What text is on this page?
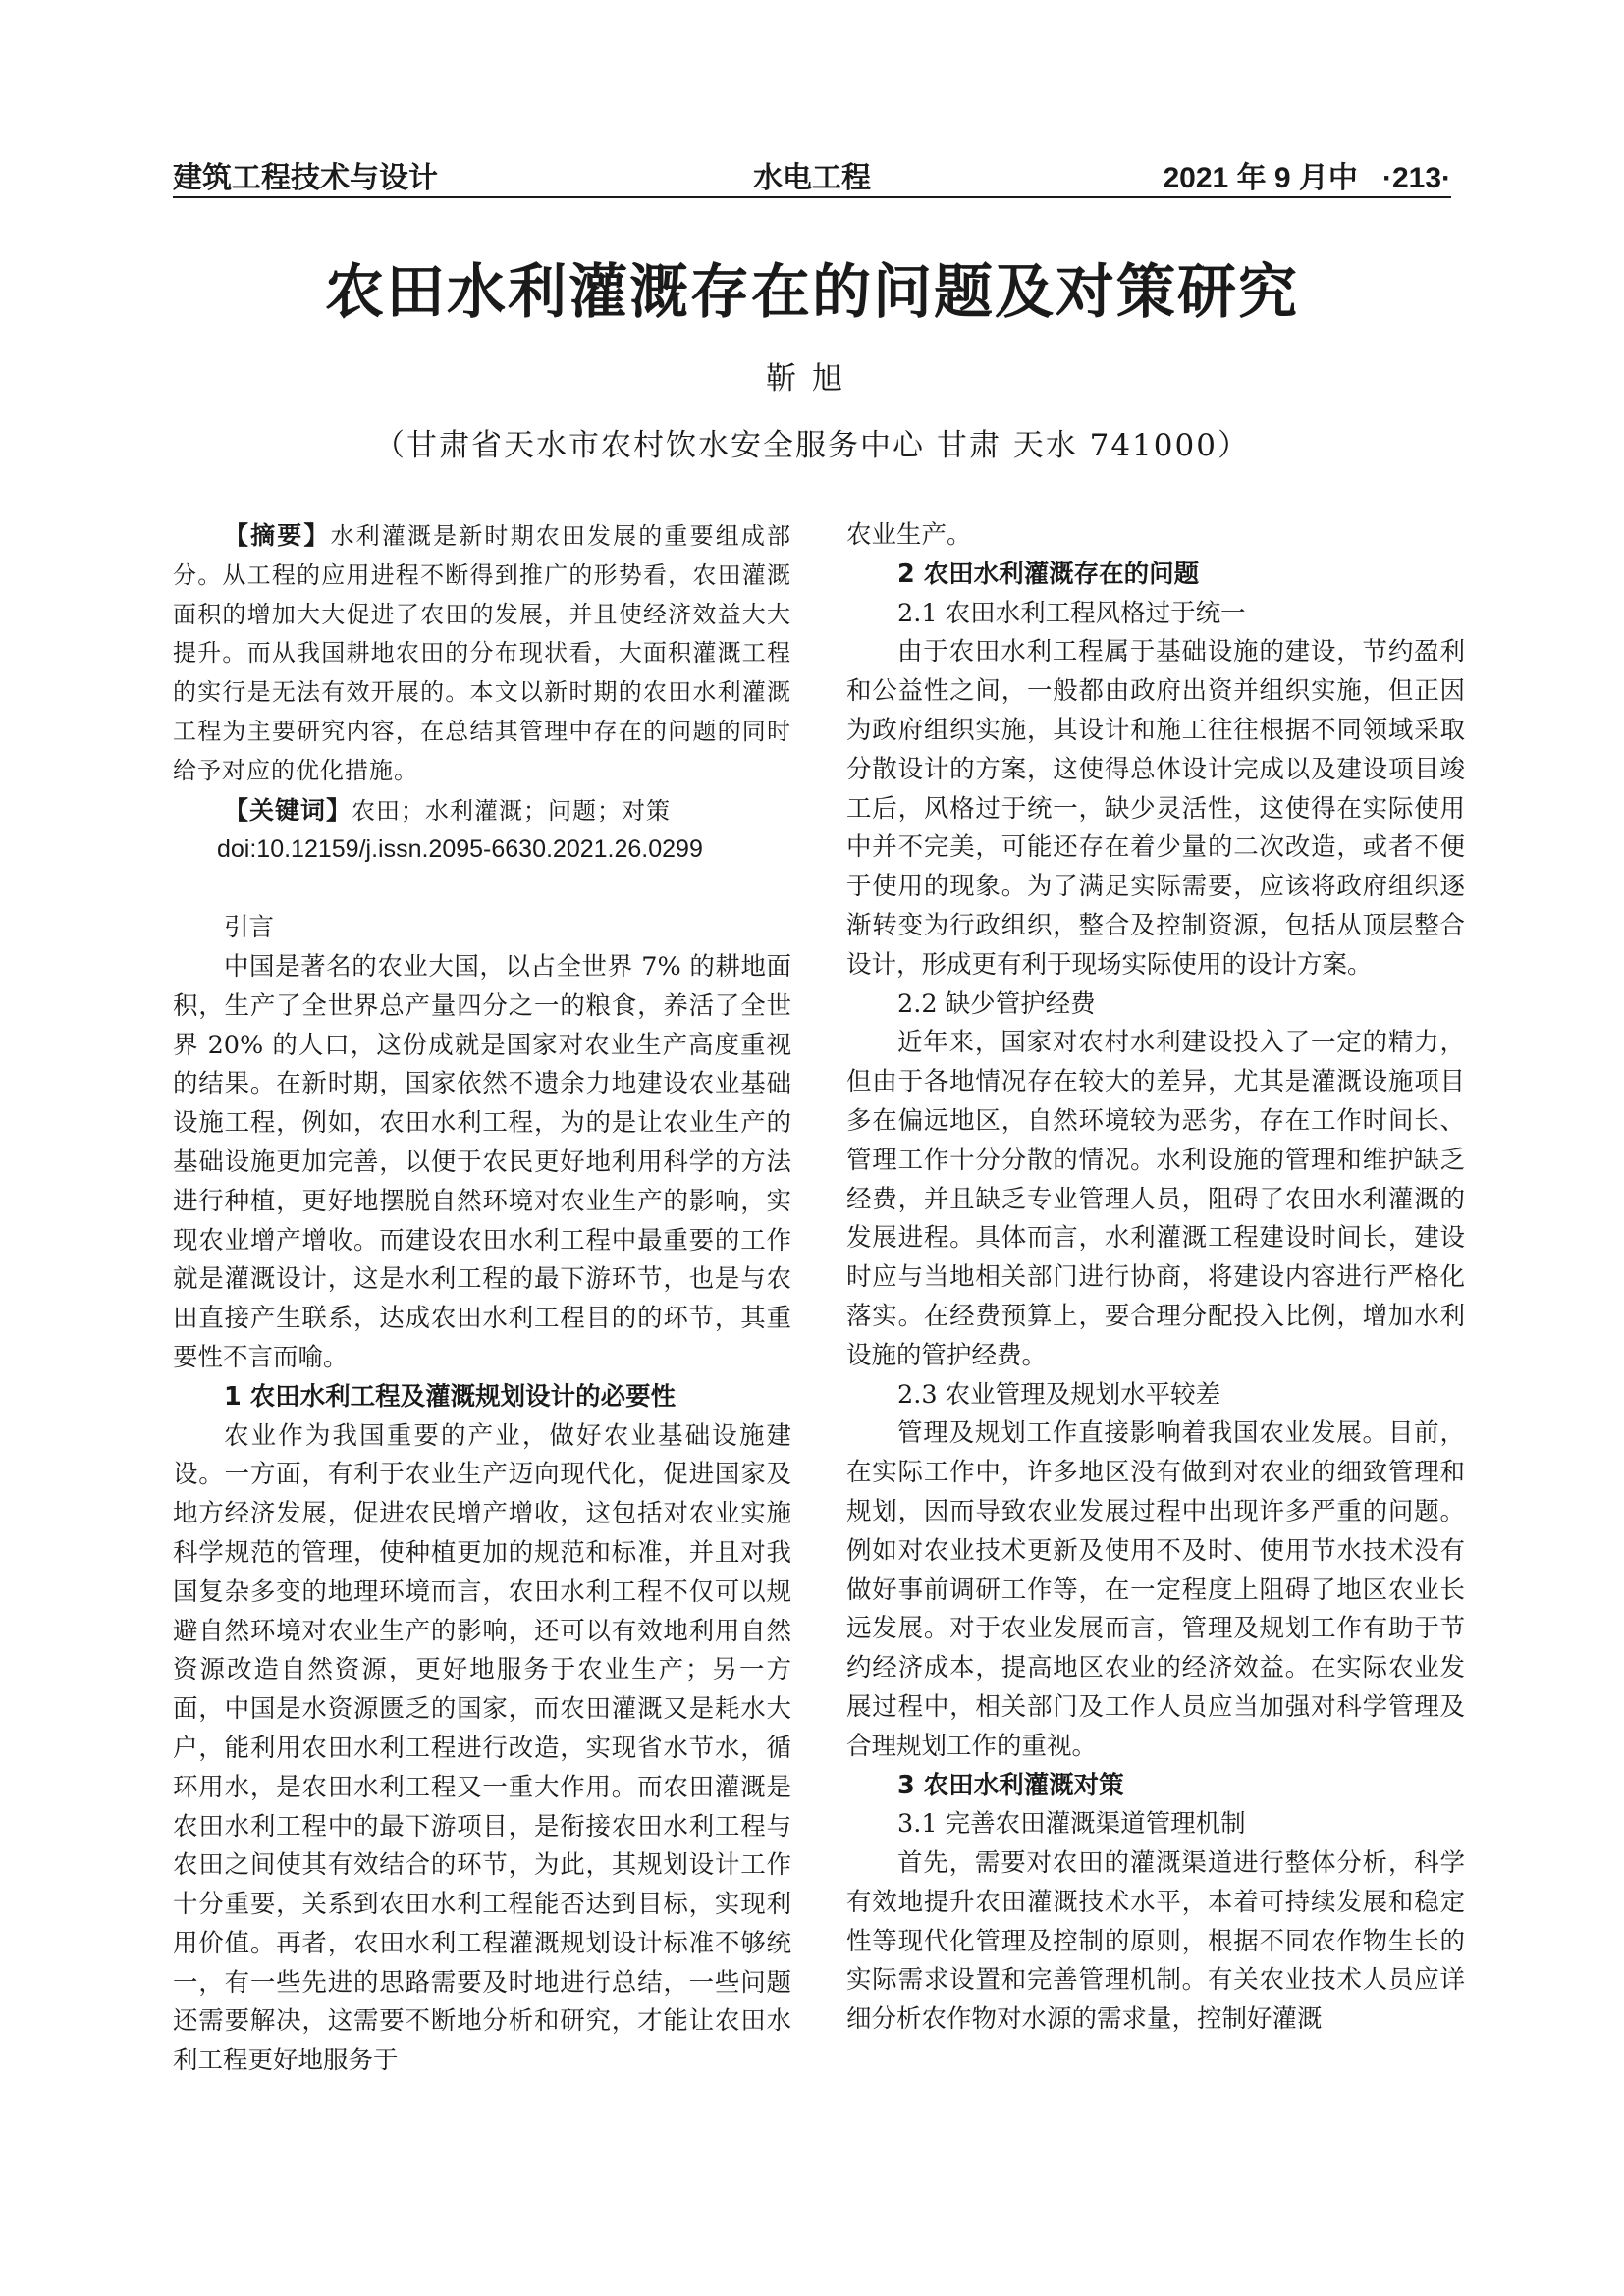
建筑工程技术与设计	水电工程	2021 年 9 月中 ·213·
农田水利灌溉存在的问题及对策研究
靳旭
（甘肃省天水市农村饮水安全服务中心 甘肃 天水 741000）

【摘要】水利灌溉是新时期农田发展的重要组成部分。从工程的应用进程不断得到推广的形势看，农田灌溉面积的增加大大促进了农田的发展，并且使经济效益大大提升。而从我国耕地农田的分布现状看，大面积灌溉工程的实行是无法有效开展的。本文以新时期的农田水利灌溉工程为主要研究内容，在总结其管理中存在的问题的同时给予对应的优化措施。

【关键词】农田；水利灌溉；问题；对策

doi:10.12159/j.issn.2095-6630.2021.26.0299

引言

中国是著名的农业大国，以占全世界 7% 的耕地面积，生产了全世界总产量四分之一的粮食，养活了全世界 20% 的人口，这份成就是国家对农业生产高度重视的结果。在新时期，国家依然不遗余力地建设农业基础设施工程，例如，农田水利工程，为的是让农业生产的基础设施更加完善，以便于农民更好地利用科学的方法进行种植，更好地摆脱自然环境对农业生产的影响，实现农业增产增收。而建设农田水利工程中最重要的工作就是灌溉设计，这是水利工程的最下游环节，也是与农田直接产生联系，达成农田水利工程目的的环节，其重要性不言而喻。

1 农田水利工程及灌溉规划设计的必要性

农业作为我国重要的产业，做好农业基础设施建设。一方面，有利于农业生产迈向现代化，促进国家及地方经济发展，促进农民增产增收，这包括对农业实施科学规范的管理，使种植更加的规范和标准，并且对我国复杂多变的地理环境而言，农田水利工程不仅可以规避自然环境对农业生产的影响，还可以有效地利用自然资源改造自然资源，更好地服务于农业生产；另一方面，中国是水资源匮乏的国家，而农田灌溉又是耗水大户，能利用农田水利工程进行改造，实现省水节水，循环用水，是农田水利工程又一重大作用。而农田灌溉是农田水利工程中的最下游项目，是衔接农田水利工程与农田之间使其有效结合的环节，为此，其规划设计工作十分重要，关系到农田水利工程能否达到目标，实现利用价值。再者，农田水利工程灌溉规划设计标准不够统一，有一些先进的思路需要及时地进行总结，一些问题还需要解决，这需要不断地分析和研究，才能让农田水利工程更好地服务于

农业生产。

2 农田水利灌溉存在的问题

2.1 农田水利工程风格过于统一

由于农田水利工程属于基础设施的建设，节约盈利和公益性之间，一般都由政府出资并组织实施，但正因为政府组织实施，其设计和施工往往根据不同领域采取分散设计的方案，这使得总体设计完成以及建设项目竣工后，风格过于统一，缺少灵活性，这使得在实际使用中并不完美，可能还存在着少量的二次改造，或者不便于使用的现象。为了满足实际需要，应该将政府组织逐渐转变为行政组织，整合及控制资源，包括从顶层整合设计，形成更有利于现场实际使用的设计方案。

2.2 缺少管护经费

近年来，国家对农村水利建设投入了一定的精力，但由于各地情况存在较大的差异，尤其是灌溉设施项目多在偏远地区，自然环境较为恶劣，存在工作时间长、管理工作十分分散的情况。水利设施的管理和维护缺乏经费，并且缺乏专业管理人员，阻碍了农田水利灌溉的发展进程。具体而言，水利灌溉工程建设时间长，建设时应与当地相关部门进行协商，将建设内容进行严格化落实。在经费预算上，要合理分配投入比例，增加水利设施的管护经费。

2.3 农业管理及规划水平较差

管理及规划工作直接影响着我国农业发展。目前，在实际工作中，许多地区没有做到对农业的细致管理和规划，因而导致农业发展过程中出现许多严重的问题。例如对农业技术更新及使用不及时、使用节水技术没有做好事前调研工作等，在一定程度上阻碍了地区农业长远发展。对于农业发展而言，管理及规划工作有助于节约经济成本，提高地区农业的经济效益。在实际农业发展过程中，相关部门及工作人员应当加强对科学管理及合理规划工作的重视。

3 农田水利灌溉对策

3.1 完善农田灌溉渠道管理机制

首先，需要对农田的灌溉渠道进行整体分析，科学有效地提升农田灌溉技术水平，本着可持续发展和稳定性等现代化管理及控制的原则，根据不同农作物生长的实际需求设置和完善管理机制。有关农业技术人员应详细分析农作物对水源的需求量，控制好灌溉
